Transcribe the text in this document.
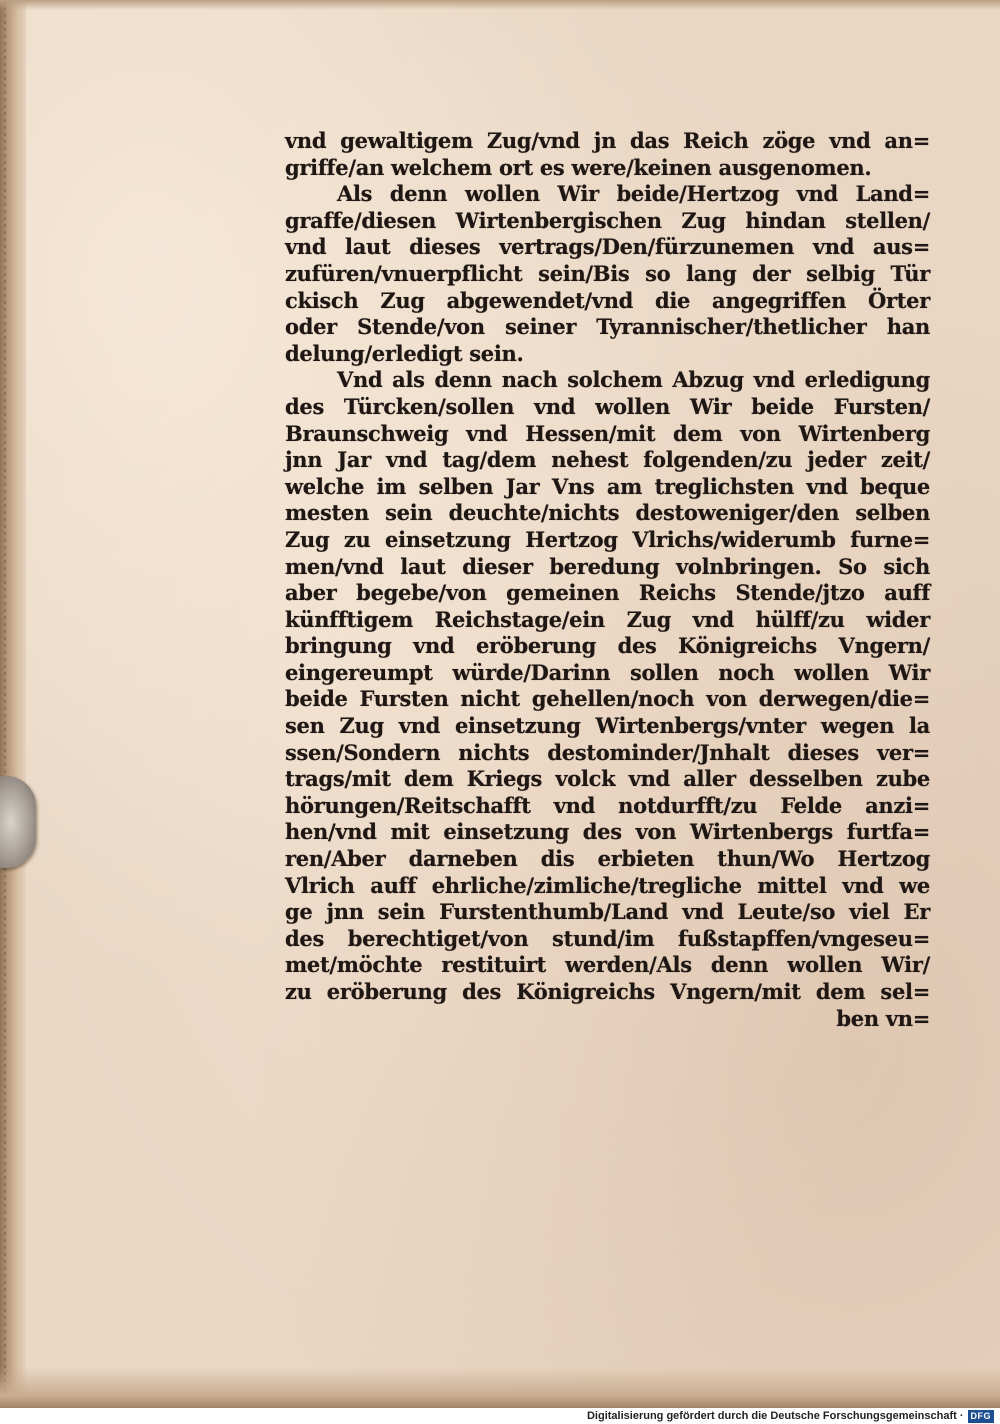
vnd gewaltigem Zug/vnd jn das Reich zöge vnd an=
griffe/an welchem ort es were/keinen ausgenomen.
Als denn wollen Wir beide/Hertzog vnd Land=
graffe/diesen Wirtenbergischen Zug hindan stellen/
vnd laut dieses vertrags/Den/fürzunemen vnd aus=
zufüren/vnuerpflicht sein/Bis so lang der selbig Tür
ckisch Zug abgewendet/vnd die angegriffen Örter
oder Stende/von seiner Tyrannischer/thetlicher han
delung/erledigt sein.
Vnd als denn nach solchem Abzug vnd erledigung
des Türcken/sollen vnd wollen Wir beide Fursten/
Braunschweig vnd Hessen/mit dem von Wirtenberg
jnn Jar vnd tag/dem nehest folgenden/zu jeder zeit/
welche im selben Jar Vns am treglichsten vnd beque
mesten sein deuchte/nichts destoweniger/den selben
Zug zu einsetzung Hertzog Vlrichs/widerumb furne=
men/vnd laut dieser beredung volnbringen. So sich
aber begebe/von gemeinen Reichs Stende/jtzo auff
künfftigem Reichstage/ein Zug vnd hülff/zu wider
bringung vnd eröberung des Königreichs Vngern/
eingereumpt würde/Darinn sollen noch wollen Wir
beide Fursten nicht gehellen/noch von derwegen/die=
sen Zug vnd einsetzung Wirtenbergs/vnter wegen la
ssen/Sondern nichts destominder/Jnhalt dieses ver=
trags/mit dem Kriegs volck vnd aller desselben zube
hörungen/Reitschafft vnd notdurfft/zu Felde anzi=
hen/vnd mit einsetzung des von Wirtenbergs furtfa=
ren/Aber darneben dis erbieten thun/Wo Hertzog
Vlrich auff ehrliche/zimliche/tregliche mittel vnd we
ge jnn sein Furstenthumb/Land vnd Leute/so viel Er
des berechtiget/von stund/im fußstapffen/vngeseu=
met/möchte restituirt werden/Als denn wollen Wir/
zu eröberung des Königreichs Vngern/mit dem sel=
ben vn=
Digitalisierung gefördert durch die Deutsche Forschungsgemeinschaft · DFG
